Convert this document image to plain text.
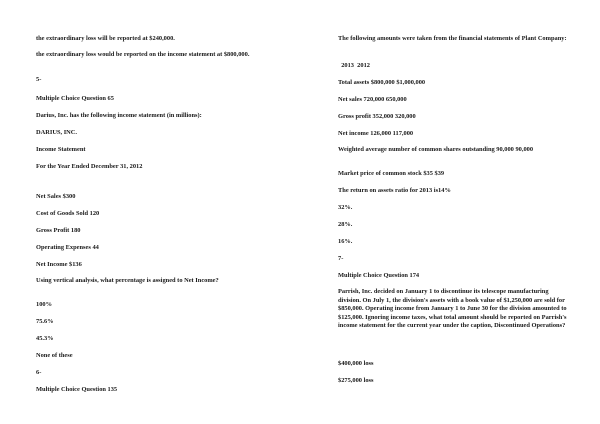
the extraordinary loss will be reported at $240,000.
the extraordinary loss would be reported on the income statement at $800,000.
5-
Multiple Choice Question 65
Darius, Inc. has the following income statement (in millions):
DARIUS, INC.
Income Statement
For the Year Ended December 31, 2012
Net Sales $300
Cost of Goods Sold 120
Gross Profit 180
Operating Expenses 44
Net Income $136
Using vertical analysis, what percentage is assigned to Net Income?
100%
75.6%
45.3%
None of these
6-
Multiple Choice Question 135
The following amounts were taken from the financial statements of Plant Company:
2013  2012
Total assets $800,000 $1,000,000
Net sales 720,000 650,000
Gross profit 352,000 320,000
Net income 126,000 117,000
Weighted average number of common shares outstanding 90,000 90,000
Market price of common stock $35 $39
The return on assets ratio for 2013 is14%
32%.
28%.
16%.
7-
Multiple Choice Question 174
Parrish, Inc. decided on January 1 to discontinue its telescope manufacturing division. On July 1, the division's assets with a book value of $1,250,000 are sold for $850,000. Operating income from January 1 to June 30 for the division amounted to $125,000. Ignoring income taxes, what total amount should be reported on Parrish's income statement for the current year under the caption, Discontinued Operations?
$400,000 loss
$275,000 loss
